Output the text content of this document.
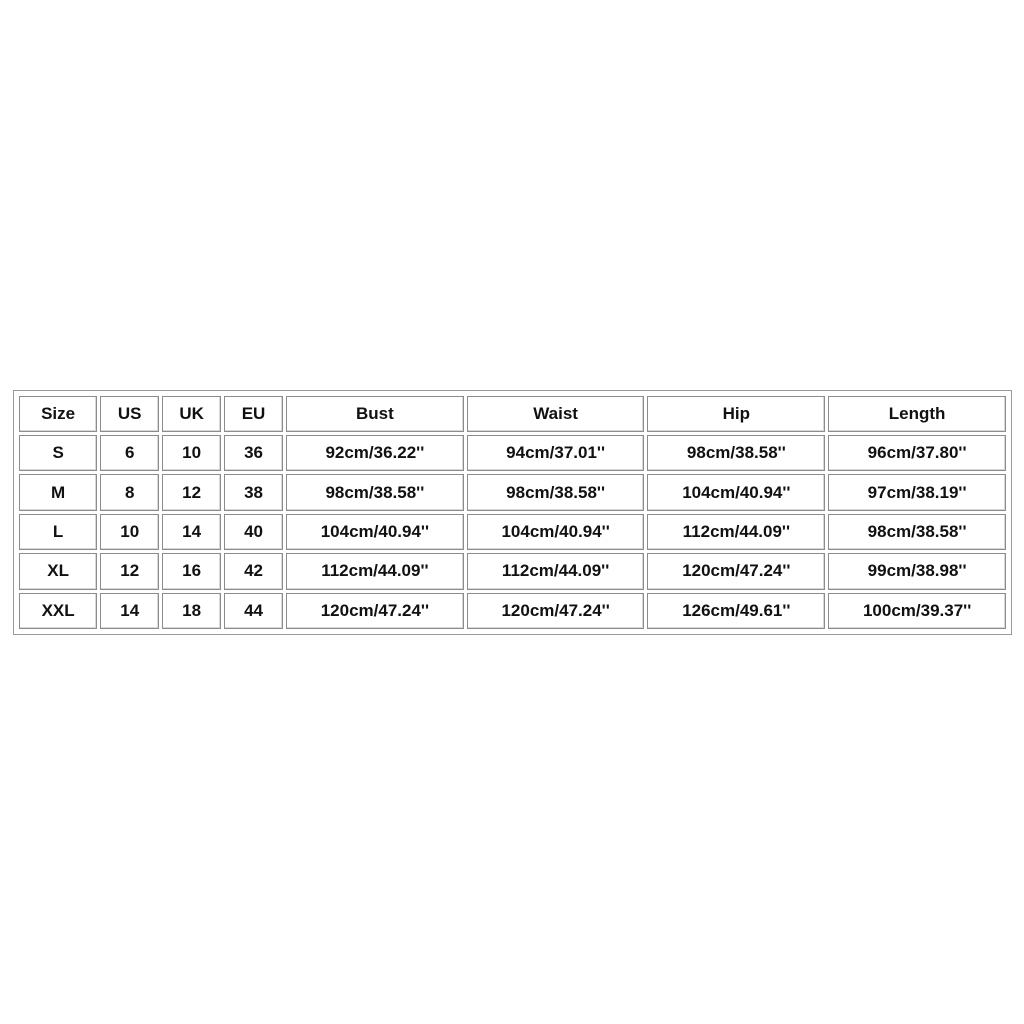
Size	US	UK	EU	Bust	Waist	Hip	Length
S	6	10	36	92cm/36.22''	94cm/37.01''	98cm/38.58''	96cm/37.80''
M	8	12	38	98cm/38.58''	98cm/38.58''	104cm/40.94''	97cm/38.19''
L	10	14	40	104cm/40.94''	104cm/40.94''	112cm/44.09''	98cm/38.58''
XL	12	16	42	112cm/44.09''	112cm/44.09''	120cm/47.24''	99cm/38.98''
XXL	14	18	44	120cm/47.24''	120cm/47.24''	126cm/49.61''	100cm/39.37''
